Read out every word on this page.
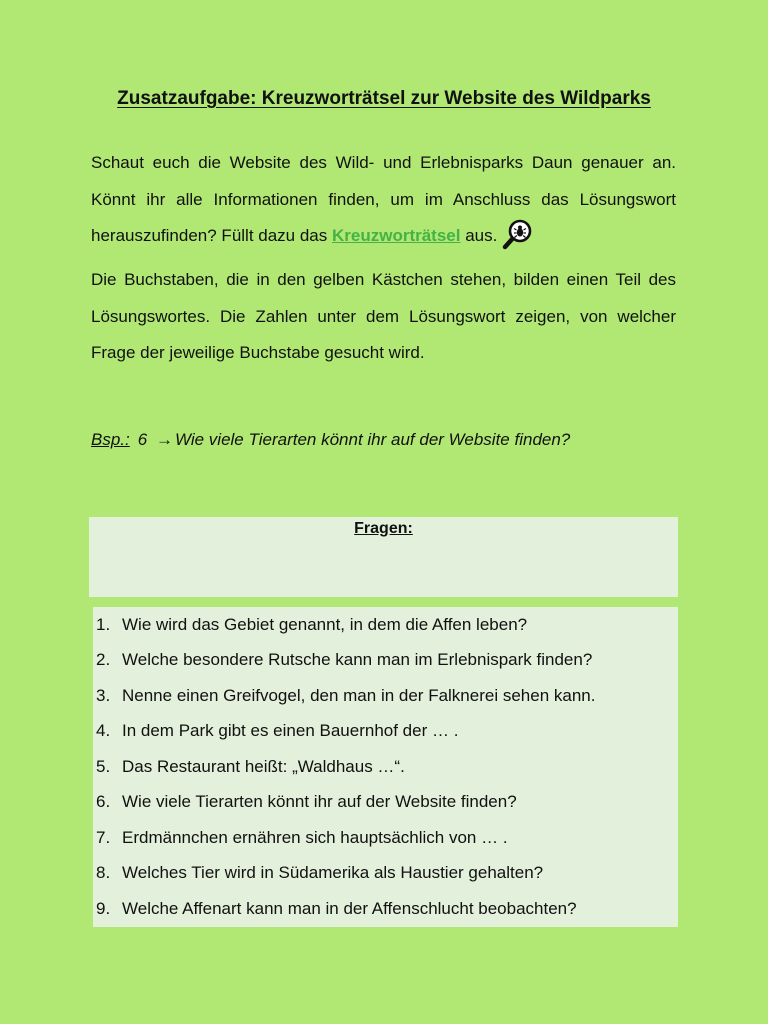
Zusatzaufgabe: Kreuzworträtsel zur Website des Wildparks

Schaut euch die Website des Wild- und Erlebnisparks Daun genauer an. Könnt ihr alle Informationen finden, um im Anschluss das Lösungswort herauszufinden? Füllt dazu das Kreuzworträtsel aus.

Die Buchstaben, die in den gelben Kästchen stehen, bilden einen Teil des Lösungswortes. Die Zahlen unter dem Lösungswort zeigen, von welcher Frage der jeweilige Buchstabe gesucht wird.

Bsp.: 6 → Wie viele Tierarten könnt ihr auf der Website finden?
Fragen:
1. Wie wird das Gebiet genannt, in dem die Affen leben?
2. Welche besondere Rutsche kann man im Erlebnispark finden?
3. Nenne einen Greifvogel, den man in der Falknerei sehen kann.
4. In dem Park gibt es einen Bauernhof der … .
5. Das Restaurant heißt: „Waldhaus …“.
6. Wie viele Tierarten könnt ihr auf der Website finden?
7. Erdmännchen ernähren sich hauptsächlich von … .
8. Welches Tier wird in Südamerika als Haustier gehalten?
9. Welche Affenart kann man in der Affenschlucht beobachten?
